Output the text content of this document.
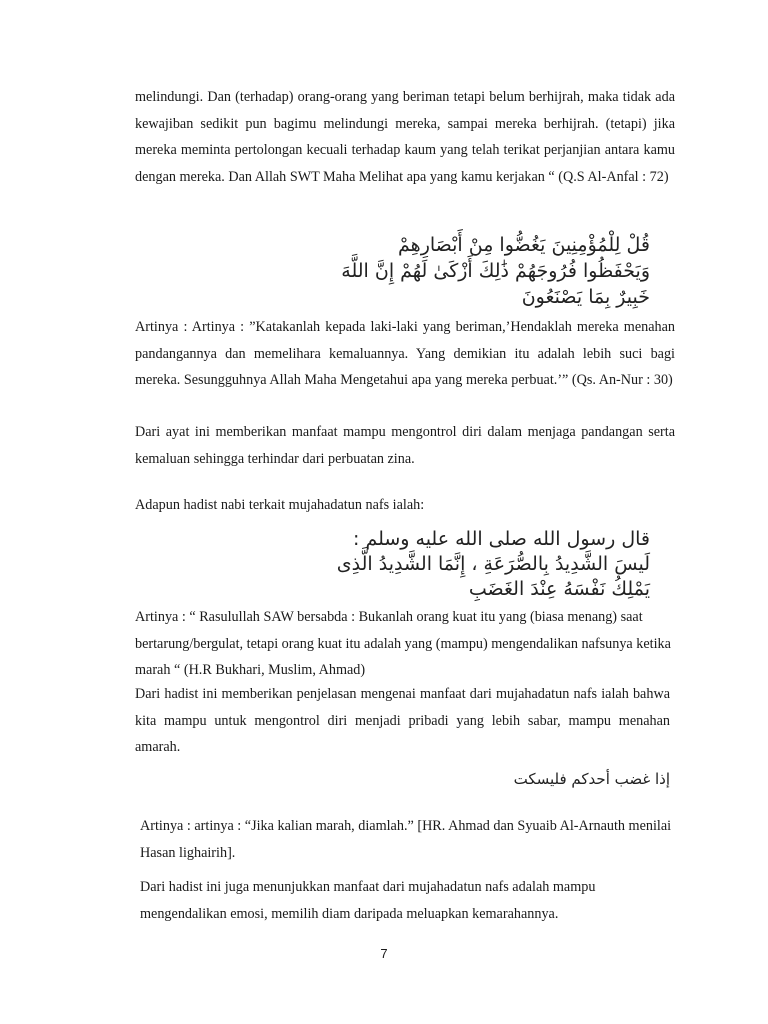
melindungi. Dan (terhadap) orang-orang yang beriman tetapi belum berhijrah, maka tidak ada kewajiban sedikit pun bagimu melindungi mereka, sampai mereka berhijrah. (tetapi) jika mereka meminta pertolongan kecuali terhadap kaum yang telah terikat perjanjian antara kamu dengan mereka. Dan Allah SWT Maha Melihat apa yang kamu kerjakan “ (Q.S Al-Anfal : 72)

قُلْ لِلْمُؤْمِنِينَ يَغُضُّوا مِنْ أَبْصَارِهِمْ
وَيَحْفَظُوا فُرُوجَهُمْ ذَٰلِكَ أَزْكَىٰ لَهُمْ إِنَّ اللَّهَ
خَبِيرٌ بِمَا يَصْنَعُونَ

Artinya : Artinya : ”Katakanlah kepada laki-laki yang beriman,’Hendaklah mereka menahan pandangannya dan memelihara kemaluannya. Yang demikian itu adalah lebih suci bagi mereka. Sesungguhnya Allah Maha Mengetahui apa yang mereka perbuat.’” (Qs. An-Nur : 30)

Dari ayat ini memberikan manfaat mampu mengontrol diri dalam menjaga pandangan serta kemaluan sehingga terhindar dari perbuatan zina.

Adapun hadist nabi terkait mujahadatun nafs ialah:

قال رسول الله صلى الله عليه وسلم :
لَيسَ الشَّدِيدُ بِالصُّرَعَةِ ، إِنَّمَا الشَّدِيدُ الَّذِى
يَمْلِكُ نَفْسَهُ عِنْدَ الغَضَبِ

Artinya : “ Rasulullah SAW bersabda : Bukanlah orang kuat itu yang (biasa menang) saat bertarung/bergulat, tetapi orang kuat itu adalah yang (mampu) mengendalikan nafsunya ketika marah “ (H.R Bukhari, Muslim, Ahmad)

Dari hadist ini memberikan penjelasan mengenai manfaat dari mujahadatun nafs ialah bahwa kita mampu untuk mengontrol diri menjadi pribadi yang lebih sabar, mampu menahan amarah.

إذا غضب أحدكم فليسكت

Artinya : artinya : “Jika kalian marah, diamlah.” [HR. Ahmad dan Syuaib Al-Arnauth menilai Hasan lighairih].

Dari hadist ini juga menunjukkan manfaat dari mujahadatun nafs adalah mampu mengendalikan emosi, memilih diam daripada meluapkan kemarahannya.

7
